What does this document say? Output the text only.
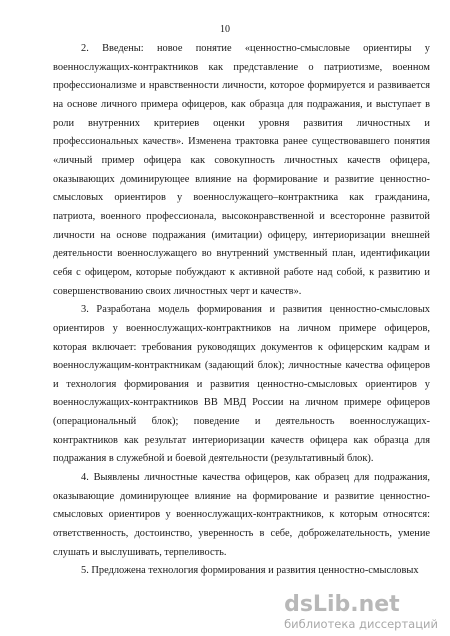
10

2. Введены: новое понятие «ценностно-смысловые ориентиры у военнослужащих-контрактников как представление о патриотизме, военном профессионализме и нравственности личности, которое формируется и развивается на основе личного примера офицеров, как образца для подражания, и выступает в роли внутренних критериев оценки уровня развития личностных и профессиональных качеств». Изменена трактовка ранее существовавшего понятия «личный пример офицера как совокупность личностных качеств офицера, оказывающих доминирующее влияние на формирование и развитие ценностно-смысловых ориентиров у военнослужащего–контрактника как гражданина, патриота, военного профессионала, высоконравственной и всесторонне развитой личности на основе подражания (имитации) офицеру, интериоризации внешней деятельности военнослужащего во внутренний умственный план, идентификации себя с офицером, которые побуждают к активной работе над собой, к развитию и совершенствованию своих личностных черт и качеств».

3. Разработана модель формирования и развития ценностно-смысловых ориентиров у военнослужащих-контрактников на личном примере офицеров, которая включает: требования руководящих документов к офицерским кадрам и военнослужащим-контрактникам (задающий блок); личностные качества офицеров и технология формирования и развития ценностно-смысловых ориентиров у военнослужащих-контрактников ВВ МВД России на личном примере офицеров (операциональный блок); поведение и деятельность военнослужащих-контрактников как результат интериоризации качеств офицера как образца для подражания в служебной и боевой деятельности (результативный блок).

4. Выявлены личностные качества офицеров, как образец для подражания, оказывающие доминирующее влияние на формирование и развитие ценностно-смысловых ориентиров у военнослужащих-контрактников, к которым относятся: ответственность, достоинство, уверенность в себе, доброжелательность, умение слушать и выслушивать, терпеливость.

5. Предложена технология формирования и развития ценностно-смысловых

dsLib.net
библиотека диссертаций
